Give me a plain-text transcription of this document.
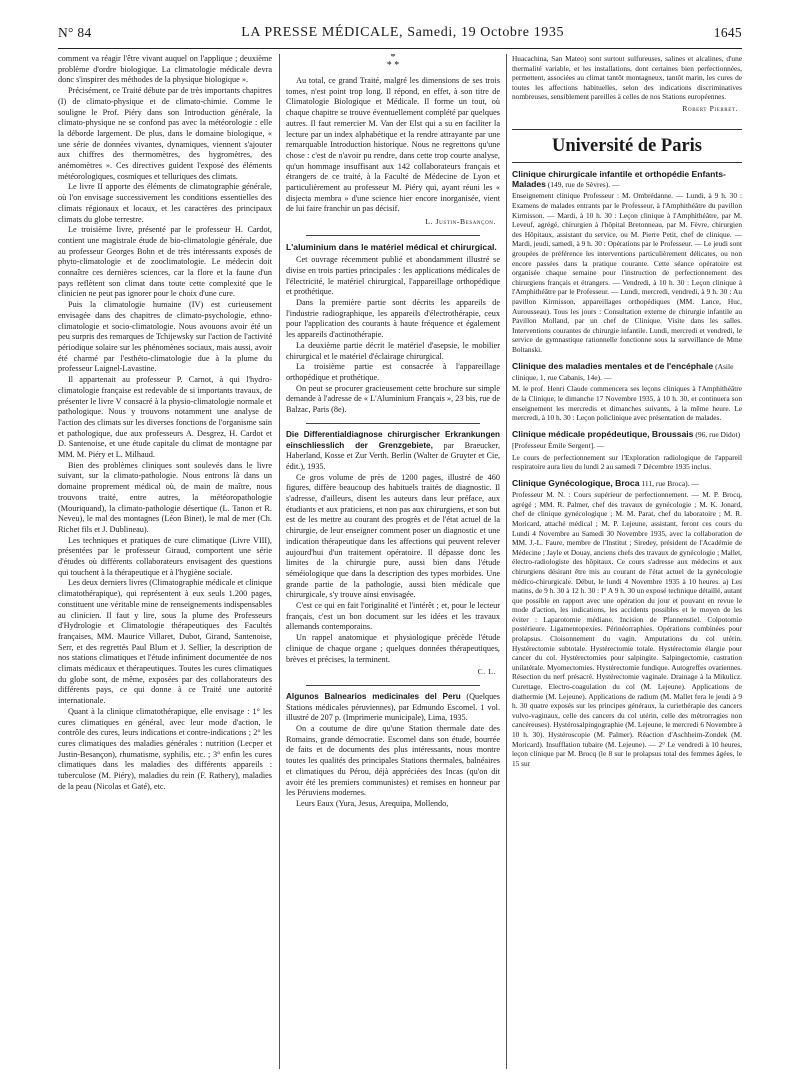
N° 84	LA PRESSE MÉDICALE, Samedi, 19 Octobre 1935	1645

comment va réagir l'être vivant auquel on l'applique ; deuxième problème d'ordre biologique. La climatologie médicale devra donc s'inspirer des méthodes de la physique biologique ».

Précisément, ce Traité débute par de très importants chapitres (I) de climato-physique et de climato-chimie. Comme le souligne le Prof. Piéry dans son Introduction générale, la climato-physique ne se confond pas avec la météorologie : elle la déborde largement. De plus, dans le domaine biologique, « une série de données vivantes, dynamiques, viennent s'ajouter aux chiffres des thermomètres, des hygromètres, des anémomètres ». Ces directives guident l'exposé des éléments météorologiques, cosmiques et telluriques des climats.

Le livre II apporte des éléments de climatographie générale, où l'on envisage successivement les conditions essentielles des climats régionaux et locaux, et les caractères des principaux climats du globe terrestre.

Le troisième livre, présenté par le professeur H. Cardot, contient une magistrale étude de bio-climatologie générale, due au professeur Georges Bohn et de très intéressants exposés de phyto-climatologie et de zooclimatologie. Le médecin doit connaître ces dernières sciences, car la flore et la faune d'un pays reflètent son climat dans toute cette complexité que le clinicien ne peut pas ignorer pour le choix d'une cure.

Puis la climatologie humaine (IV) est curieusement envisagée dans des chapitres de climato-psychologie, ethno-climatologie et socio-climatologie. Nous avouons avoir été un peu surpris des remarques de Tchijewsky sur l'action de l'activité périodique solaire sur les phénomènes sociaux, mais aussi, avoir été charmé par l'esthéto-climatologie due à la plume du professeur Laignel-Lavastine.

Il appartenait au professeur P. Carnot, à qui l'hydro-climatologie française est redevable de si importants travaux, de présenter le livre V consacré à la physio-climatologie normale et pathologique. Nous y trouvons notamment une analyse de l'action des climats sur les diverses fonctions de l'organisme sain et pathologique, due aux professeurs A. Desgrez, H. Cardot et D. Santenoise, et une étude capitale du climat de montagne par MM. M. Piéry et L. Milhaud.

Bien des problèmes cliniques sont soulevés dans le livre suivant, sur la climato-pathologie. Nous entrons là dans un domaine proprement médical où, de main de maître, nous trouvons traité, entre autres, la météoropathologie (Mouriquand), la climato-pathologie désertique (L. Tanon et R. Neveu), le mal des montagnes (Léon Binet), le mal de mer (Ch. Richet fils et J. Dublineau).

Les techniques et pratiques de cure climatique (Livre VIII), présentées par le professeur Giraud, comportent une série d'études où différents collaborateurs envisagent des questions qui touchent à la thérapeutique et à l'hygiène sociale.

Les deux derniers livres (Climatographie médicale et clinique climatothérapique), qui représentent à eux seuls 1.200 pages, constituent une véritable mine de renseignements indispensables au clinicien. Il faut y lire, sous la plume des Professeurs d'Hydrologie et Climatologie thérapeutiques des Facultés françaises, MM. Maurice Villaret, Dubot, Girand, Santenoise, Serr, et des regrettés Paul Blum et J. Sellier, la description de nos stations climatiques et l'étude infiniment documentée de nos climats médicaux et thérapeutiques. Toutes les cures climatiques du globe sont, de même, exposées par des collaborateurs des différents pays, ce qui donne à ce Traité une autorité internationale.

Quant à la clinique climatothérapique, elle envisage : 1° les cures climatiques en général, avec leur mode d'action, le contrôle des cures, leurs indications et contre-indications ; 2° les cures climatiques des maladies générales : nutrition (Lecper et Justin-Besançon), rhumatisme, syphilis, etc. ; 3° enfin les cures climatiques dans les maladies des différents appareils : tuberculose (M. Piéry), maladies du rein (F. Rathery), maladies de la peau (Nicolas et Gaté), etc.

*
* *

Au total, ce grand Traité, malgré les dimensions de ses trois tomes, n'est point trop long. Il répond, en effet, à son titre de Climatologie Biologique et Médicale. Il forme un tout, où chaque chapitre se trouve éventuellement complété par quelques autres. Il faut remercier M. Van der Elst qui a su en faciliter la lecture par un index alphabétique et la rendre attrayante par une remarquable Introduction historique. Nous ne regrettons qu'une chose : c'est de n'avoir pu rendre, dans cette trop courte analyse, qu'un hommage insuffisant aux 142 collaborateurs français et étrangers de ce traité, à la Faculté de Médecine de Lyon et particulièrement au professeur M. Piéry qui, ayant réuni les « disjecta membra » d'une science hier encore inorganisée, vient de lui faire franchir un pas décisif.

L. Justin-Besançon.
L'aluminium dans le matériel médical et chirurgical.

Cet ouvrage récemment publié et abondamment illustré se divise en trois parties principales : les applications médicales de l'électricité, le matériel chirurgical, l'appareillage orthopédique et prothétique.

Dans la première partie sont décrits les appareils de l'industrie radiographique, les appareils d'électrothérapie, ceux pour l'application des courants à haute fréquence et également les appareils d'actinothérapie.

La deuxième partie décrit le matériel d'asepsie, le mobilier chirurgical et le matériel d'éclairage chirurgical.

La troisième partie est consacrée à l'appareillage orthopédique et prothétique.

On peut se procurer gracieusement cette brochure sur simple demande à l'adresse de « L'Aluminium Français », 23 bis, rue de Balzac, Paris (8e).

Die Differentialdiagnose chirurgischer Erkrankungen einschliesslich der Grenzgebiete, par Braeucker, Haberland, Kosse et Zur Verth. Berlin (Walter de Gruyter et Cie, édit.), 1935.

Ce gros volume de près de 1200 pages, illustré de 460 figures, diffère beaucoup des habituels traités de diagnostic. Il s'adresse, d'ailleurs, disent les auteurs dans leur préface, aux étudiants et aux praticiens, et non pas aux chirurgiens, et son but est de les mettre au courant des progrès et de l'état actuel de la chirurgie, de leur enseigner comment poser un diagnostic et une indication thérapeutique dans les affections qui peuvent relever aujourd'hui d'un traitement opératoire. Il dépasse donc les limites de la chirurgie pure, aussi bien dans l'étude séméiologique que dans la description des types morbides. Une grande partie de la pathologie, aussi bien médicale que chirurgicale, s'y trouve ainsi envisagée.

C'est ce qui en fait l'originalité et l'intérêt ; et, pour le lecteur français, c'est un bon document sur les idées et les travaux allemands contemporains.

Un rappel anatomique et physiologique précède l'étude clinique de chaque organe ; quelques données thérapeutiques, brèves et précises, la terminent.

C. L.

Algunos Balnearios medicinales del Peru (Quelques Stations médicales péruviennes), par Edmundo Escomel. 1 vol. illustré de 207 p. (Imprimerie municipale), Lima, 1935.

On a coutume de dire qu'une Station thermale date des Romains, grande démocratie. Escomel dans son étude, bourrée de faits et de documents des plus intéressants, nous montre toutes les qualités des principales Stations thermales, balnéaires et climatiques du Pérou, déjà appréciées des Incas (qu'on dit avoir été les premiers communistes) et remises en honneur par les Péruviens modernes.

Leurs Eaux (Yura, Jesus, Arequipa, Mollendo,

Huacachina, San Mateo) sont surtout sulfureuses, salines et alcalines, d'une thermalité variable, et les installations, dont certaines bien perfectionnées, permettent, associées au climat tantôt montagneux, tantôt marin, les cures de toutes les affections habituelles, selon des indications discriminatives nombreuses, sensiblement pareilles à celles de nos Stations européennes.

Robert Pierret.
Université de Paris
Clinique chirurgicale infantile et orthopédie Enfants-Malades (149, rue de Sèvres). —

Enseignement clinique Professeur : M. Ombrédanne. — Lundi, à 9 h. 30 : Examens de malades entrants par le Professeur, à l'Amphithéâtre du pavillon Kirmisson. — Mardi, à 10 h. 30 : Leçon clinique à l'Amphithéâtre, par M. Leveuf, agrégé, chirurgien à l'hôpital Bretonneau, par M. Fèvre, chirurgien des Hôpitaux, assistant du service, ou M. Pierre Petit, chef de clinique. — Mardi, jeudi, samedi, à 9 h. 30 : Opérations par le Professeur. — Le jeudi sont groupées de préférence les interventions particulièrement délicates, ou non encore passées dans la pratique courante. Cette séance opératoire est organisée chaque semaine pour l'instruction de perfectionnement des chirurgiens français et étrangers. — Vendredi, à 10 h. 30 : Leçon clinique à l'Amphithéâtre par le Professeur. — Lundi, mercredi, vendredi, à 9 h. 30 : Au pavillon Kirmisson, appareillages orthopédiques (MM. Lance, Huc, Aurousseau). Tous les jours : Consultation externe de chirurgie infantile au Pavillon Molland, par un chef de Clinique. Visite dans les salles. Interventions courantes de chirurgie infantile. Lundi, mercredi et vendredi, le service de gymnastique rationnelle fonctionne sous la surveillance de Mme Boltanski.

Clinique des maladies mentales et de l'encéphale (Asile clinique, 1, rue Cabanis, 14e). —

M. le prof. Henri Claude commencera ses leçons cliniques à l'Amphithéâtre de la Clinique, le dimanche 17 Novembre 1935, à 10 h. 30, et continuera son enseignement les mercredis et dimanches suivants, à la même heure. Le mercredi, à 10 h. 30 : Leçon policlinique avec présentation de malades.

Clinique médicale propédeutique, Broussais (96, rue Didot) [Professeur Émile Sergent]. —

Le cours de perfectionnement sur l'Exploration radiologique de l'appareil respiratoire aura lieu du lundi 2 au samedi 7 Décembre 1935 inclus.

Clinique Gynécologique, Broca 111, rue Broca). —

Professeur M. N. : Cours supérieur de perfectionnement. — M. P. Brocq, agrégé ; MM. R. Palmer, chef des travaux de gynécologie ; M. K. Jonard, chef de clinique gynécologique ; M. M. Parat, chef du laboratoire ; M. R. Moricard, attaché médical ; M. P. Lejeune, assistant, feront ces cours du Lundi 4 Novembre au Samedi 30 Novembre 1935, avec la collaboration de MM. J.-L. Faure, membre de l'Institut ; Siredey, président de l'Académie de Médecine ; Jayle et Douay, anciens chefs des travaux de gynécologie ; Mallet, électro-radiologiste des hôpitaux. Ce cours s'adresse aux médecins et aux chirurgiens désirant être mis au courant de l'état actuel de la gynécologie médico-chirurgicale. Début, le lundi 4 Novembre 1935 à 10 heures. a) Les matins, de 9 h. 30 à 12 h. 30 : I° A 9 h. 30 un exposé technique détaillé, autant que possible en rapport avec une opération du jour et pouvant en revue le mode d'action, les indications, les accidents possibles et le moyen de les éviter : Laparotomie médiane. Incision de Pfannenstiel. Colpotomie postérieure. Ligamentopexies. Périnéorraphies. Opérations combinées pour prolapsus. Cloisonnement du vagin. Amputations du col utérin. Hystérectomie subtotale. Hystérectomie totale. Hystérectomie élargie pour cancer du col. Hystérectomies pour salpingite. Salpingectomie, castration unilatérale. Myomectomies. Hystérectomie fundique. Autogreffes ovariennes. Résection du nerf présacré. Hystérectomie vaginale. Drainage à la Mikulicz. Curettage. Electro-coagulation du col (M. Lejeune). Applications de diathermie (M. Lejeune). Applications de radium (M. Mallet fera le jeudi à 9 h. 30 quatre exposés sur les principes généraux, la curiethérapie des cancers vulvo-vaginaux, celle des cancers du col utérin, celle des métrorragies non cancéreuses). Hystérosalpingographie (M. Lejeune, le mercredi 6 Novembre à 10 h. 30). Hystéroscopie (M. Palmer). Réaction d'Aschheim-Zondek (M. Moricard). Insufflation tubaire (M. Lejeune). — 2° Le vendredi à 10 heures, leçon clinique par M. Brocq (le 8 sur le prolapsus total des femmes âgées, le 15 sur
